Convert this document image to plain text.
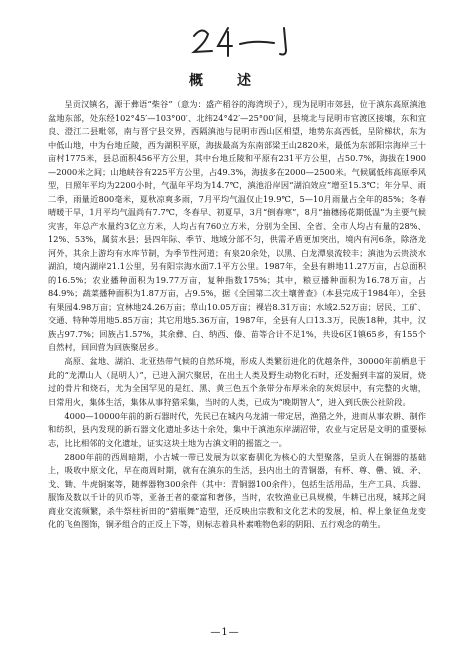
概　述

呈贡汉镇名，源于彝语“柴谷”（意为：盛产稻谷的海湾坝子），现为昆明市郊县，位于滇东高原滇池盆地东部，处东经102°45′—103°00′、北纬24°42′—25°00′间，县境北与昆明市官渡区接壤，东和宜良、澄江二县毗邻，南与晋宁县交界，西隔滇池与昆明市西山区相望，地势东高西低，呈阶梯状，东为中低山地，中为台地丘陵，西为湖积平原，海拔最高为东南部梁王山2820米，最低为东部阳宗海岸三十亩村1775米，县总面积456平方公里，其中台地丘陵和平原有231平方公里，占50.7%，海拔在1900—2000米之间；山地峡谷有225平方公里，占49.3%，海拔多在2000—2500米。气候属低纬高原季风型，日照年平均为2200小时，气温年平均为14.7℃，滇池沿岸因“湖泊效应”增至15.3℃；年分旱、雨二季，雨量近800毫米，夏秋凉爽多雨，7月平均气温仅止19.9℃，5—10月雨量占全年的85%；冬春晴暖干旱，1月平均气温尚有7.7℃，冬春早、初夏旱，3月“倒春寒”，8月“抽穗扬花期低温”为主要气候灾害，年总产水量约3亿立方米，人均占有760立方米，分别为全国、全省、全市人均占有量的28%、12%、53%，属贫水县；县四年际、季节、地域分部不匀，供需矛盾更加突出，境内有河6条，除洛龙河外，其余上游均有水库节制，为季节性河道；有泉20余处，以黑、白龙潭泉流较丰；滇池为云贵淡水湖泊，境内湖岸21.1公里，另有阳宗海水面7.1平方公里。1987年，全县有耕地11.27万亩，占总面积的16.5%；农业播种面积为19.77万亩，复种指数175%；其中，粮豆播种面积为16.78万亩，占84.9%；蔬菜播种面积为1.87万亩，占9.5%，据《全国第二次土壤普查》（本县完成于1984年），全县有果园4.98万亩；宜林地24.26万亩；草山10.05万亩；裸岩8.31万亩；水域2.52万亩；居民、工矿、交通、特种等用地5.85万亩；其它用地5.36万亩，1987年，全县有人口13.3万，民族18种，其中，汉族占97.7%；回族占1.57%，其余彝、白、纳西、傣、苗等合计不足1%，共设6区1镇65乡，有155个自然村，回回营为回族聚居乡。

高原、盆地、湖泊、北亚热带气候的自然环境，形成人类繁衍进化的优越条件，30000年前栖息于此的“龙潭山人（昆明人）”，已进入洞穴聚居，在出土人类及野生动物化石时，还发掘到丰富的炭屑，烧过的骨片和烧石，尤为全国罕见的是红、黑、黄三色五个条带分布厚米余的灰烬层中，有完整的火塘，日常用火，集体生活，集体从事狩猎采集，当时的人类，已成为“晚期智人”，进入到氏族公社阶段。

4000—10000年前的新石器时代，先民已在城内乌龙浦一带定居，渔猎之外，进而从事农耕、制作和纺织，县内发现的新石器文化遗址多达十余处，集中于滇池东岸湖沼带，农业与定居是文明的重要标志，比比相邻的文化遗址，证实这块土地为古滇文明的摇篮之一。

2800年前的西周暗期，小古城一带已发展为以家畜驯化为核心的大型聚落，呈贡人在铜器的基础上，吸收中原文化，早在商周时期，就有在滇东的生活，县内出土的青铜器，有杯、尊、罍、钺、矛、戈、锄、牛虎铜案等，随葬器物300余件（其中：青铜器100余件），包括生活用品，生产工具、兵器、服饰及数以千计的贝币等，亚备王者的豪富和奢侈，当时，农牧渔业已具规模，牛耕已出现，城邦之间商业交流频繁，杀牛祭柱祈田的“猎瓶舞”造型，还反映出宗教和文化艺术的发展，柏、桿上象征鱼龙变化的飞鱼图饰，铜矛组合的正反上下等，则标志着具朴素唯物色彩的阴阳、五行观念的萌生。

—1—
